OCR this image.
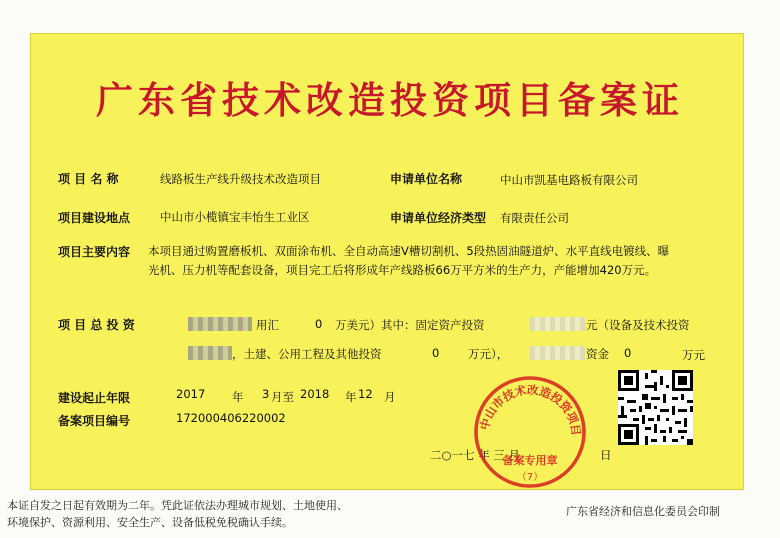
广东省技术改造投资项目备案证
项 目 名 称	线路板生产线升级技术改造项目	申请单位名称	中山市凯基电路板有限公司
项目建设地点	中山市小榄镇宝丰怡生工业区	申请单位经济类型 有限责任公司
项目主要内容 本项目通过购置磨板机、双面涂布机、全自动高速V槽切割机、5段热固油隧道炉、水平直线电镀线、曝
光机、压力机等配套设备，项目完工后将形成年产线路板66万平方米的生产力，产能增加420万元。
项 目 总 投 资	用汇	0 万美元）其中：固定资产投资	元（设备及技术投资
，土建、公用工程及其他投资	0 万元），	资金 0	万元
建设起止年限	2017 年 3 月至 2018 年 12 月
备案项目编号	172000406220002
二○一七 年 三 月	日
中山市技术改造投资项目
备案专用章
（7）
本证自发之日起有效期为二年。凭此证依法办理城市规划、土地使用、
环境保护、资源利用、安全生产、设备低税免税确认手续。
广东省经济和信息化委员会印制
